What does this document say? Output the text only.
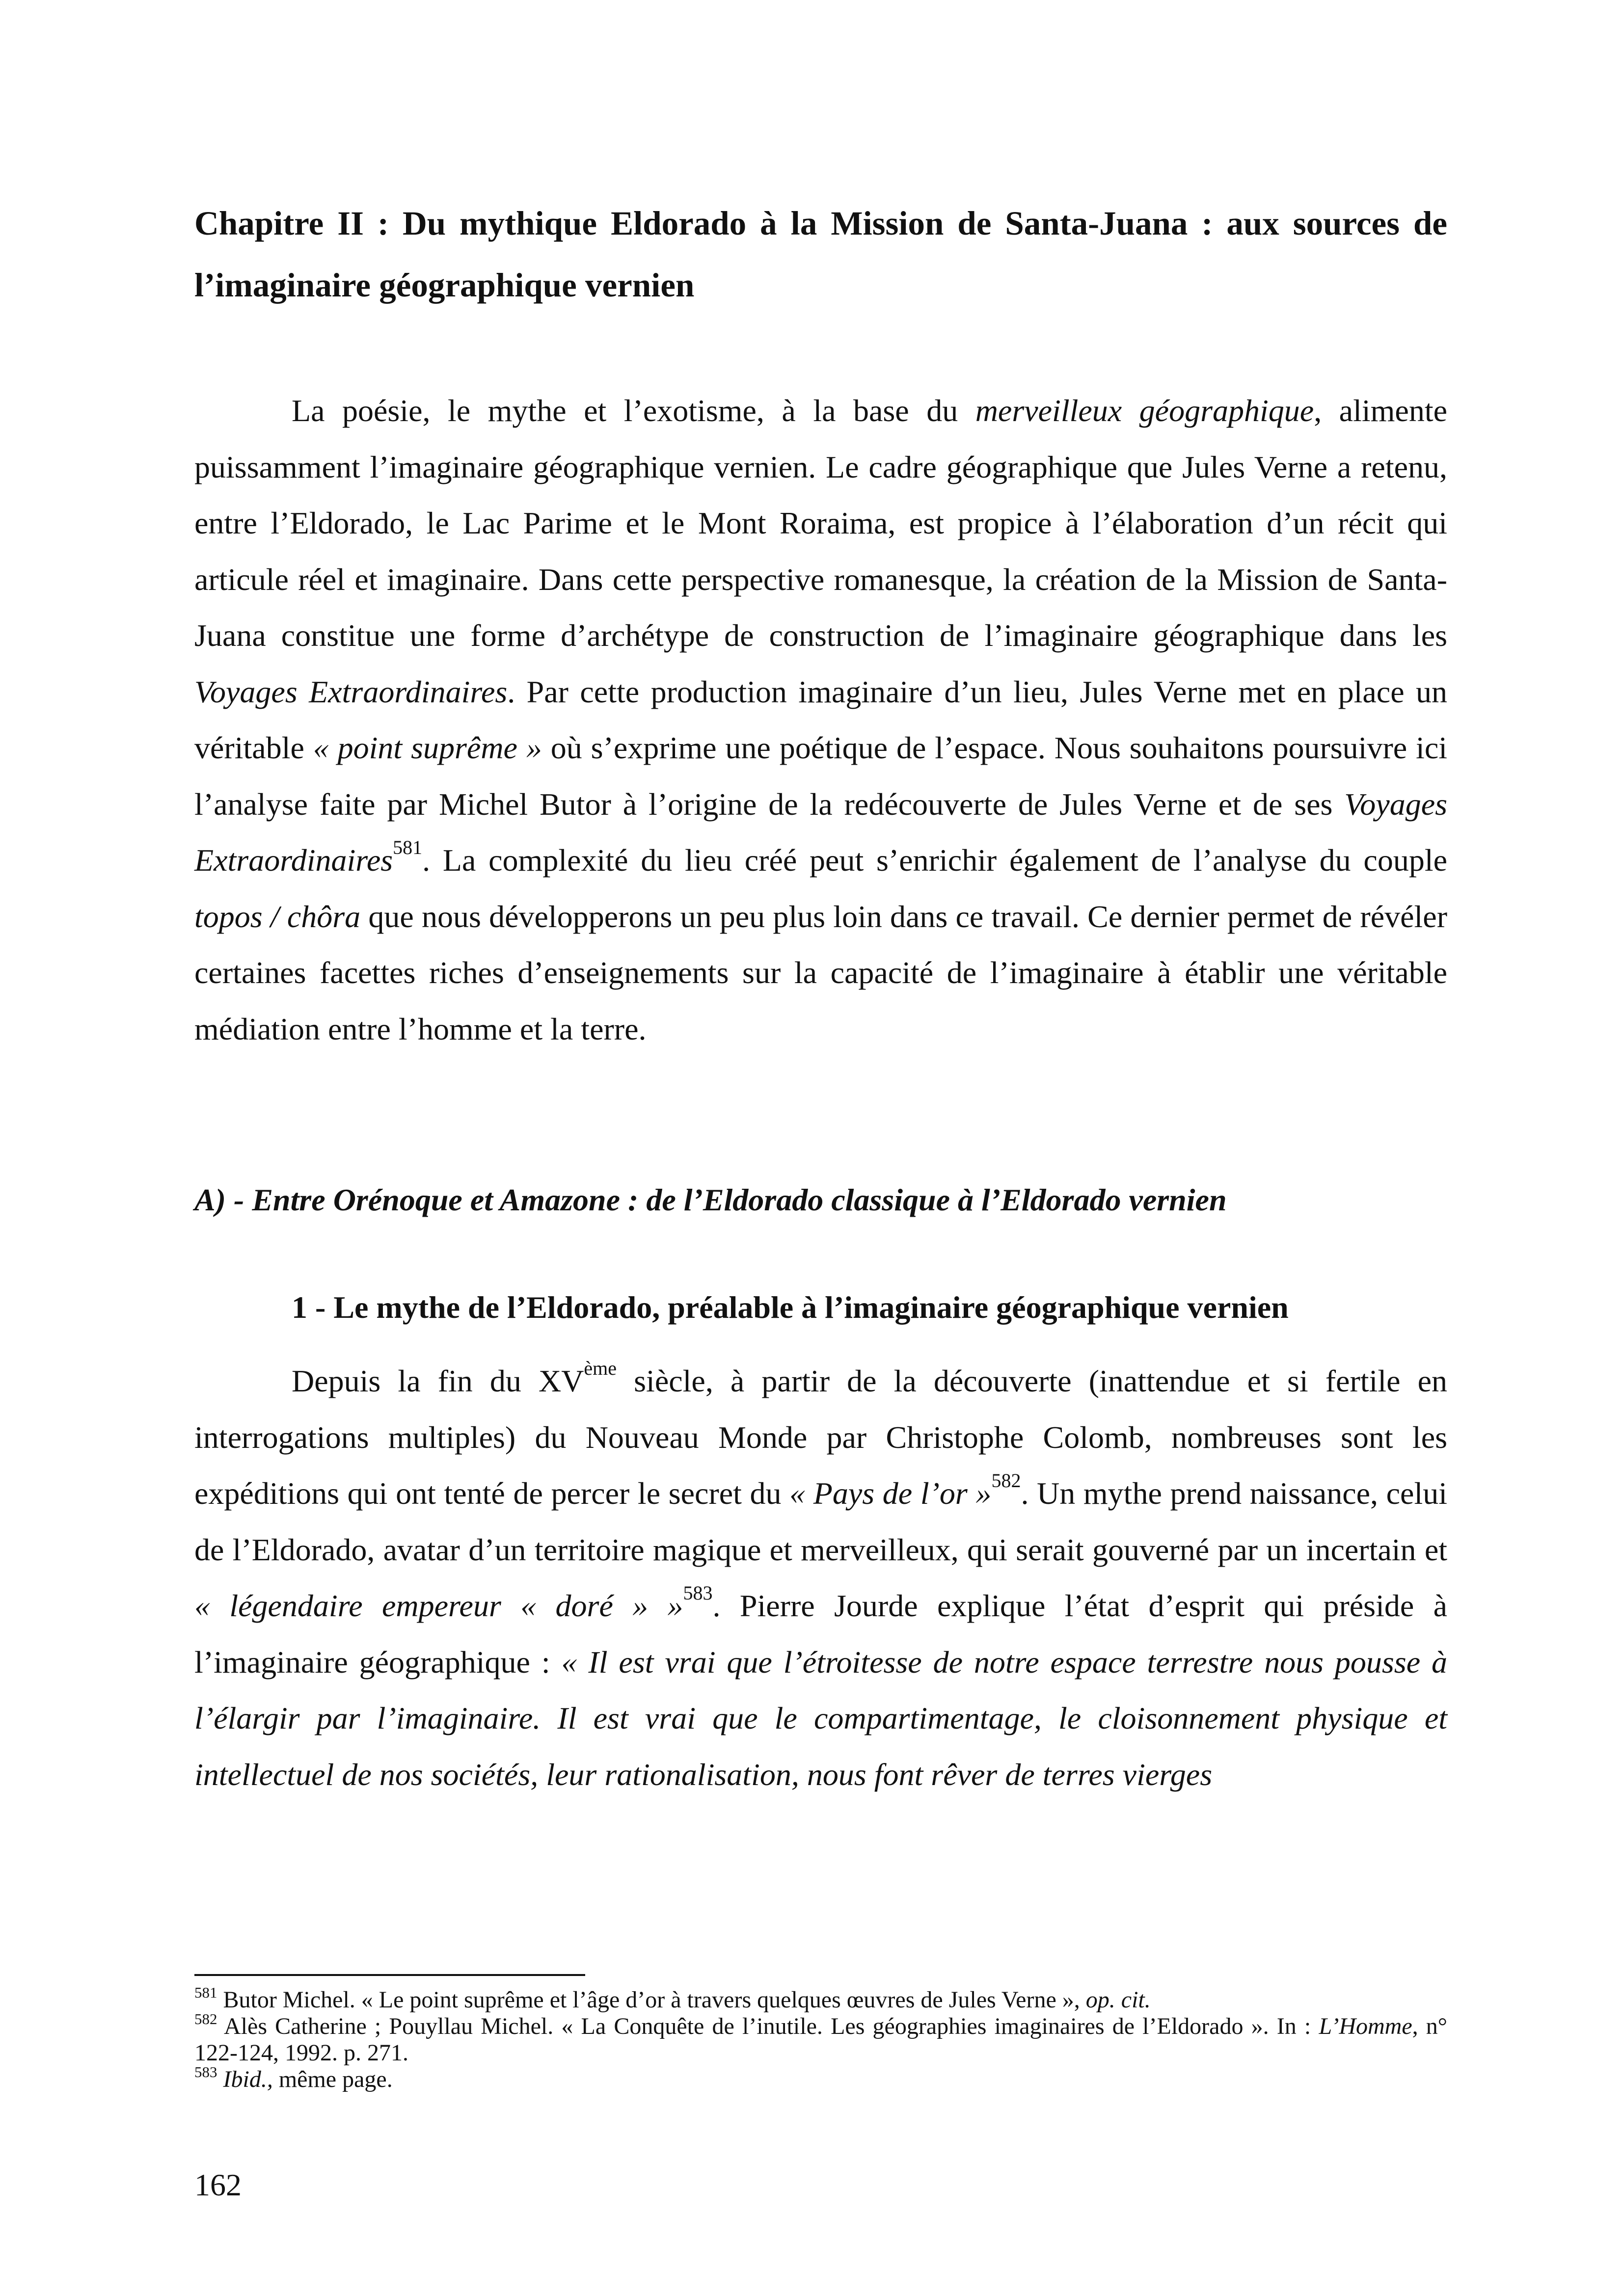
Chapitre II : Du mythique Eldorado à la Mission de Santa-Juana : aux sources de l’imaginaire géographique vernien

La poésie, le mythe et l’exotisme, à la base du merveilleux géographique, alimente puissamment l’imaginaire géographique vernien. Le cadre géographique que Jules Verne a retenu, entre l’Eldorado, le Lac Parime et le Mont Roraima, est propice à l’élaboration d’un récit qui articule réel et imaginaire. Dans cette perspective romanesque, la création de la Mission de Santa-Juana constitue une forme d’archétype de construction de l’imaginaire géographique dans les Voyages Extraordinaires. Par cette production imaginaire d’un lieu, Jules Verne met en place un véritable « point suprême » où s’exprime une poétique de l’espace. Nous souhaitons poursuivre ici l’analyse faite par Michel Butor à l’origine de la redécouverte de Jules Verne et de ses Voyages Extraordinaires$^{581}$. La complexité du lieu créé peut s’enrichir également de l’analyse du couple topos / chôra que nous développerons un peu plus loin dans ce travail. Ce dernier permet de révéler certaines facettes riches d’enseignements sur la capacité de l’imaginaire à établir une véritable médiation entre l’homme et la terre.

A) - Entre Orénoque et Amazone : de l’Eldorado classique à l’Eldorado vernien
1 - Le mythe de l’Eldorado, préalable à l’imaginaire géographique vernien

Depuis la fin du XVème siècle, à partir de la découverte (inattendue et si fertile en interrogations multiples) du Nouveau Monde par Christophe Colomb, nombreuses sont les expéditions qui ont tenté de percer le secret du « Pays de l’or »$^{582}$. Un mythe prend naissance, celui de l’Eldorado, avatar d’un territoire magique et merveilleux, qui serait gouverné par un incertain et « légendaire empereur « doré » »$^{583}$. Pierre Jourde explique l’état d’esprit qui préside à l’imaginaire géographique : « Il est vrai que l’étroitesse de notre espace terrestre nous pousse à l’élargir par l’imaginaire. Il est vrai que le compartimentage, le cloisonnement physique et intellectuel de nos sociétés, leur rationalisation, nous font rêver de terres vierges

$^{581}$ Butor Michel. « Le point suprême et l’âge d’or à travers quelques œuvres de Jules Verne », op. cit.

$^{582}$ Alès Catherine ; Pouyllau Michel. « La Conquête de l’inutile. Les géographies imaginaires de l’Eldorado ». In : L’Homme, n° 122-124, 1992. p. 271.

$^{583}$ Ibid., même page.

162
